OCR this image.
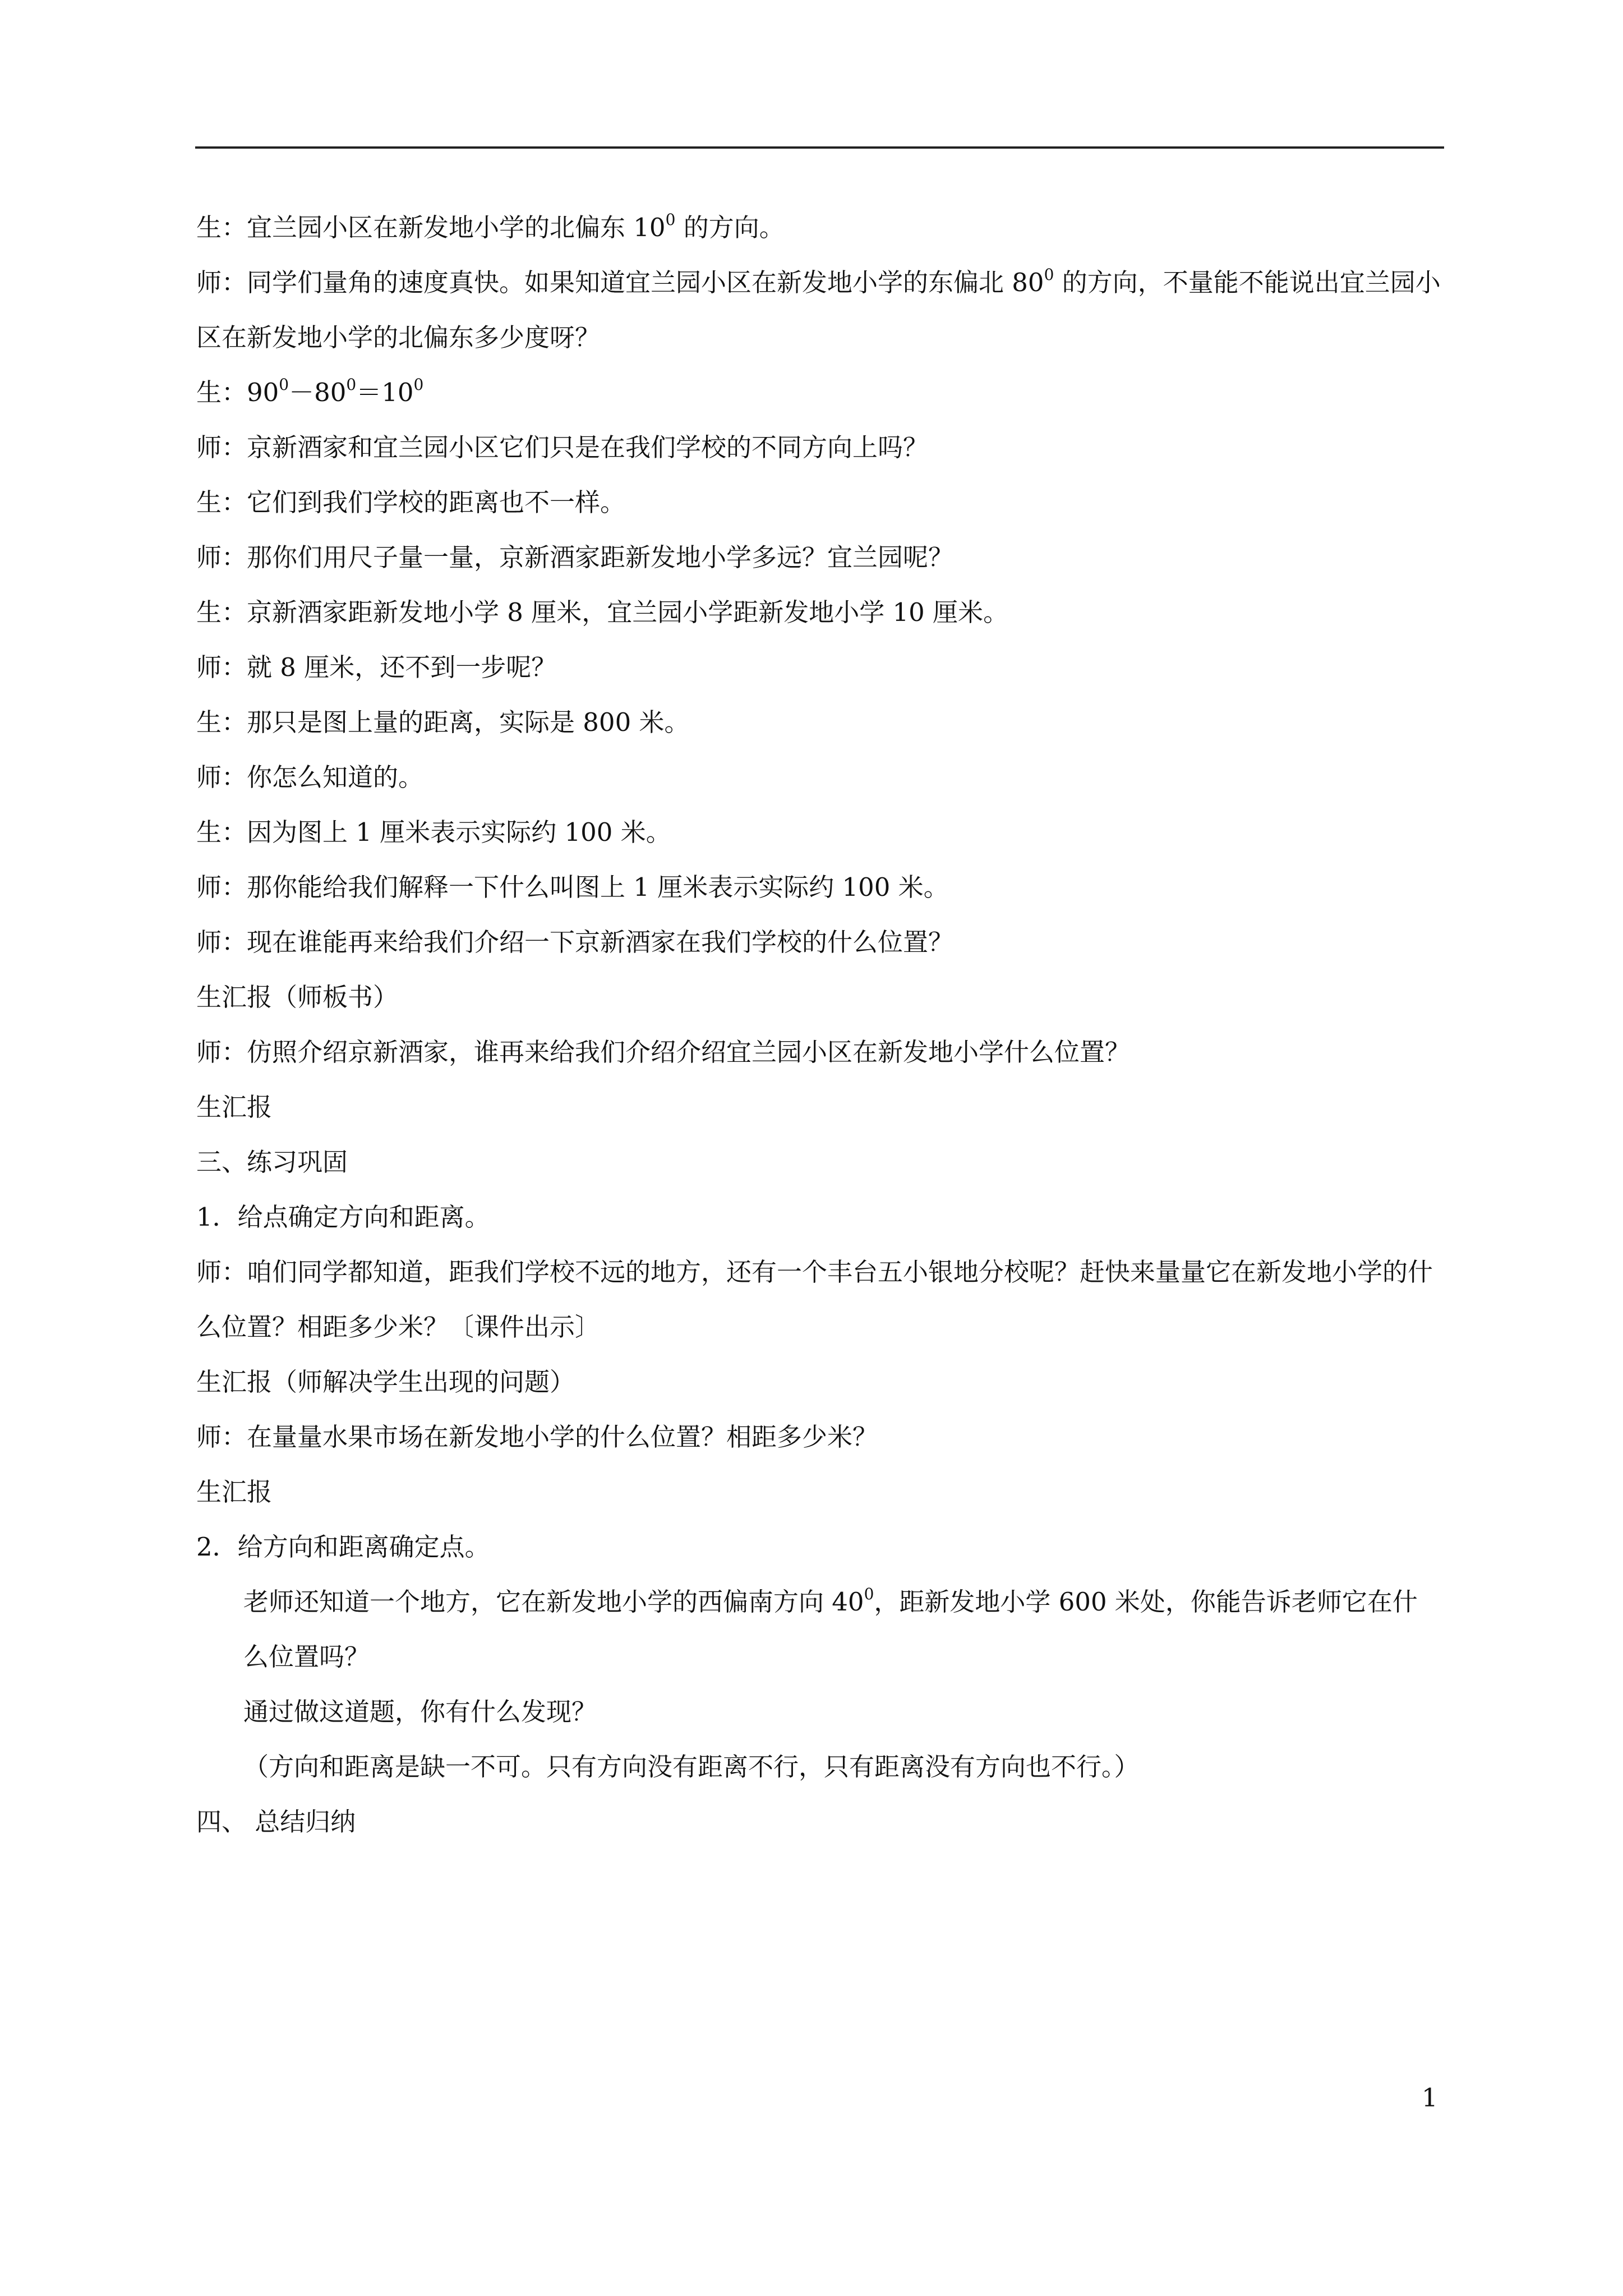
生：宜兰园小区在新发地小学的北偏东 $10^0$ 的方向。

师：同学们量角的速度真快。如果知道宜兰园小区在新发地小学的东偏北 $80^0$ 的方向，不量能不能说出宜兰园小区在新发地小学的北偏东多少度呀？

生：$90^0-80^0=10^0$

师：京新酒家和宜兰园小区它们只是在我们学校的不同方向上吗？

生：它们到我们学校的距离也不一样。

师：那你们用尺子量一量，京新酒家距新发地小学多远？宜兰园呢？

生：京新酒家距新发地小学 8 厘米，宜兰园小学距新发地小学 10 厘米。

师：就 8 厘米，还不到一步呢？

生：那只是图上量的距离，实际是 800 米。

师：你怎么知道的。

生：因为图上 1 厘米表示实际约 100 米。

师：那你能给我们解释一下什么叫图上 1 厘米表示实际约 100 米。

师：现在谁能再来给我们介绍一下京新酒家在我们学校的什么位置？

生汇报（师板书）

师：仿照介绍京新酒家，谁再来给我们介绍介绍宜兰园小区在新发地小学什么位置？

生汇报

三、练习巩固

1．给点确定方向和距离。

师：咱们同学都知道，距我们学校不远的地方，还有一个丰台五小银地分校呢？赶快来量量它在新发地小学的什么位置？相距多少米？〔课件出示〕

生汇报（师解决学生出现的问题）

师：在量量水果市场在新发地小学的什么位置？相距多少米？

生汇报

2．给方向和距离确定点。

老师还知道一个地方，它在新发地小学的西偏南方向 $40^0$，距新发地小学 600 米处，你能告诉老师它在什么位置吗？

通过做这道题，你有什么发现？

（方向和距离是缺一不可。只有方向没有距离不行，只有距离没有方向也不行。）

四、 总结归纳

1
